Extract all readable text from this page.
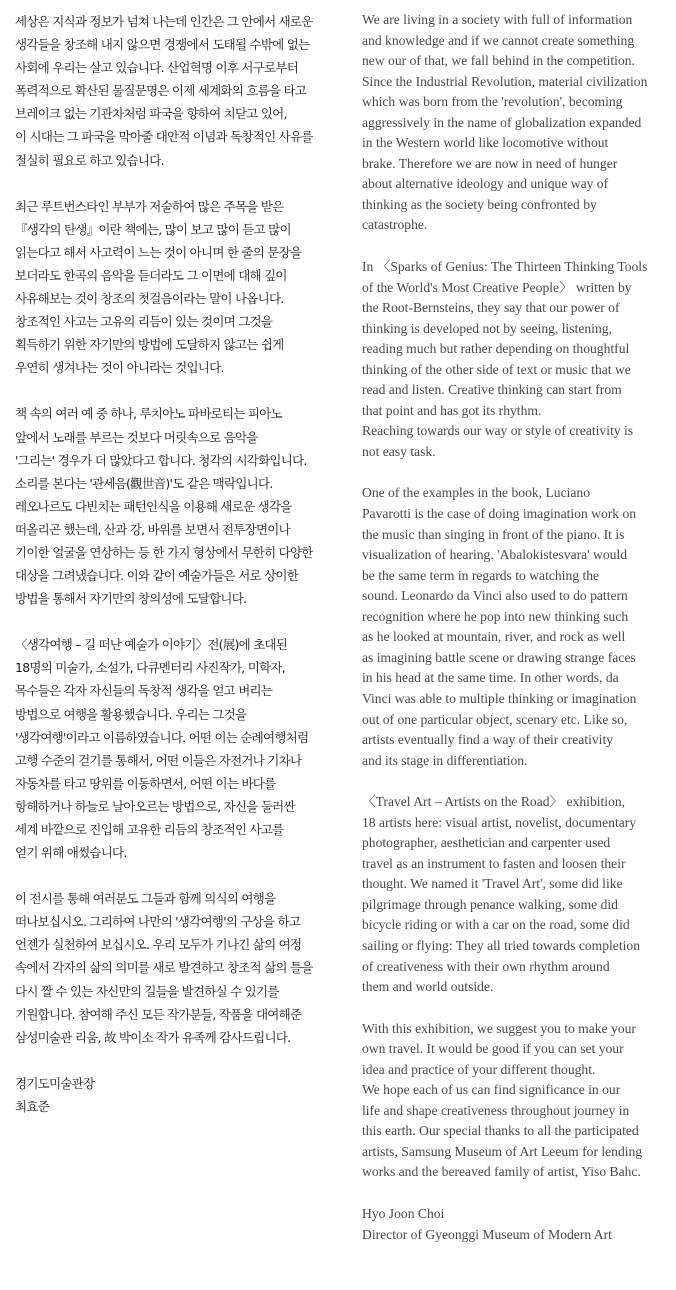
세상은 지식과 정보가 넘쳐 나는데 인간은 그 안에서 새로운
생각들을 창조해 내지 않으면 경쟁에서 도태될 수밖에 없는
사회에 우리는 살고 있습니다. 산업혁명 이후 서구로부터
폭력적으로 확산된 물질문명은 이제 세계화의 흐름을 타고
브레이크 없는 기관차처럼 파국을 향하여 치닫고 있어,
이 시대는 그 파국을 막아줄 대안적 이념과 독창적인 사유를
절실히 필요로 하고 있습니다.

최근 루트번스타인 부부가 저술하여 많은 주목을 받은
『생각의 탄생』이란 책에는, 많이 보고 많이 듣고 많이
읽는다고 해서 사고력이 느는 것이 아니며 한 줄의 문장을
보더라도 한곡의 음악을 듣더라도 그 이면에 대해 깊이
사유해보는 것이 창조의 첫걸음이라는 말이 나옵니다.
창조적인 사고는 고유의 리듬이 있는 것이며 그것을
획득하기 위한 자기만의 방법에 도달하지 않고는 쉽게
우연히 생겨나는 것이 아니라는 것입니다.

책 속의 여러 예 중 하나, 루치아노 파바로티는 피아노
앞에서 노래를 부르는 것보다 머릿속으로 음악을
'그리는' 경우가 더 많았다고 합니다. 청각의 시각화입니다.
소리를 본다는 '관세음(觀世音)'도 같은 맥락입니다.
레오나르도 다빈치는 패턴인식을 이용해 새로운 생각을
떠올리곤 했는데, 산과 강, 바위를 보면서 전투장면이나
기이한 얼굴을 연상하는 등 한 가지 형상에서 무한히 다양한
대상을 그려냈습니다. 이와 같이 예술가들은 서로 상이한
방법을 통해서 자기만의 창의성에 도달합니다.

〈생각여행 – 길 떠난 예술가 이야기〉전(展)에 초대된
18명의 미술가, 소설가, 다큐멘터리 사진작가, 미학자,
목수들은 각자 자신들의 독창적 생각을 얻고 벼리는
방법으로 여행을 활용했습니다. 우리는 그것을
'생각여행'이라고 이름하였습니다. 어떤 이는 순례여행처럼
고행 수준의 걷기를 통해서, 어떤 이들은 자전거나 기차나
자동차를 타고 땅위를 이동하면서, 어떤 이는 바다를
항해하거나 하늘로 날아오르는 방법으로, 자신을 둘러싼
세계 바깥으로 진입해 고유한 리듬의 창조적인 사고를
얻기 위해 애썼습니다.

이 전시를 통해 여러분도 그들과 함께 의식의 여행을
떠나보십시오. 그리하여 나만의 '생각여행'의 구상을 하고
언젠가 실천하여 보십시오. 우리 모두가 기나긴 삶의 여정
속에서 각자의 삶의 의미를 새로 발견하고 창조적 삶의 틀을
다시 짤 수 있는 자신만의 길들을 발견하실 수 있기를
기원합니다. 참여해 주신 모든 작가분들, 작품을 대여해준
삼성미술관 리움, 故 박이소 작가 유족께 감사드립니다.

경기도미술관장
최효준

We are living in a society with full of information
and knowledge and if we cannot create something
new our of that, we fall behind in the competition.
Since the Industrial Revolution, material civilization
which was born from the 'revolution', becoming
aggressively in the name of globalization expanded
in the Western world like locomotive without
brake. Therefore we are now in need of hunger
about alternative ideology and unique way of
thinking as the society being confronted by
catastrophe.

In 〈Sparks of Genius: The Thirteen Thinking Tools
of the World's Most Creative People〉 written by
the Root-Bernsteins, they say that our power of
thinking is developed not by seeing, listening,
reading much but rather depending on thoughtful
thinking of the other side of text or music that we
read and listen. Creative thinking can start from
that point and has got its rhythm.
Reaching towards our way or style of creativity is
not easy task.

One of the examples in the book, Luciano
Pavarotti is the case of doing imagination work on
the music than singing in front of the piano. It is
visualization of hearing. 'Abalokistesvara' would
be the same term in regards to watching the
sound. Leonardo da Vinci also used to do pattern
recognition where he pop into new thinking such
as he looked at mountain, river, and rock as well
as imagining battle scene or drawing strange faces
in his head at the same time. In other words, da
Vinci was able to multiple thinking or imagination
out of one particular object, scenary etc. Like so,
artists eventually find a way of their creativity
and its stage in differentiation.

〈Travel Art – Artists on the Road〉 exhibition,
18 artists here: visual artist, novelist, documentary
photographer, aesthetician and carpenter used
travel as an instrument to fasten and loosen their
thought. We named it 'Travel Art', some did like
pilgrimage through penance walking, some did
bicycle riding or with a car on the road, some did
sailing or flying: They all tried towards completion
of creativeness with their own rhythm around
them and world outside.

With this exhibition, we suggest you to make your
own travel. It would be good if you can set your
idea and practice of your different thought.
We hope each of us can find significance in our
life and shape creativeness throughout journey in
this earth. Our special thanks to all the participated
artists, Samsung Museum of Art Leeum for lending
works and the bereaved family of artist, Yiso Bahc.

Hyo Joon Choi
Director of Gyeonggi Museum of Modern Art
